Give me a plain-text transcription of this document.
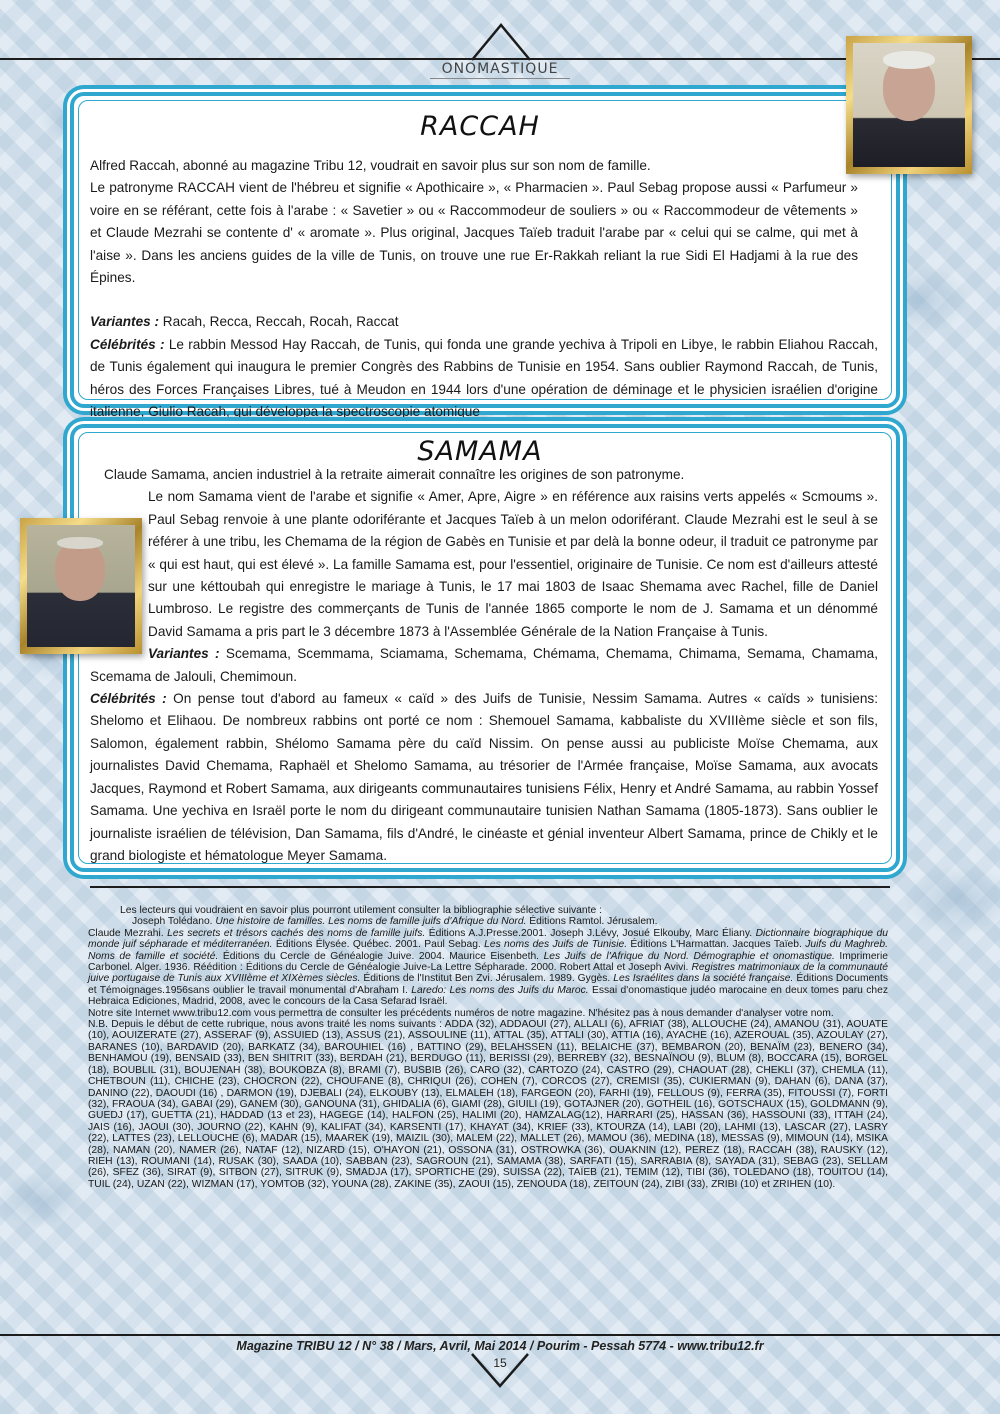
ONOMASTIQUE
RACCAH

Alfred Raccah, abonné au magazine Tribu 12, voudrait en savoir plus sur son nom de famille.

Le patronyme RACCAH vient de l'hébreu et signifie « Apothicaire », « Pharmacien ». Paul Sebag propose aussi « Parfumeur » voire en se référant, cette fois à l'arabe : « Savetier » ou « Raccommodeur de souliers » ou « Raccommodeur de vêtements » et Claude Mezrahi se contente d' « aromate ». Plus original, Jacques Taïeb traduit l'arabe par « celui qui se calme, qui met à l'aise ». Dans les anciens guides de la ville de Tunis, on trouve une rue Er-Rakkah reliant la rue Sidi El Hadjami à la rue des Épines.

Variantes : Racah, Recca, Reccah, Rocah, Raccat

Célébrités : Le rabbin Messod Hay Raccah, de Tunis, qui fonda une grande yechiva à Tripoli en Libye, le rabbin Eliahou Raccah, de Tunis également qui inaugura le premier Congrès des Rabbins de Tunisie en 1954. Sans oublier Raymond Raccah, de Tunis, héros des Forces Françaises Libres, tué à Meudon en 1944 lors d'une opération de déminage et le physicien israélien d'origine italienne, Giulio Racah, qui développa la spectroscopie atomique

SAMAMA

Claude Samama, ancien industriel à la retraite aimerait connaître les origines de son patronyme.

Le nom Samama vient de l'arabe et signifie « Amer, Apre, Aigre » en référence aux raisins verts appelés « Scmoums ». Paul Sebag renvoie à une plante odoriférante et Jacques Taïeb à un melon odoriférant. Claude Mezrahi est le seul à se référer à une tribu, les Chemama de la région de Gabès en Tunisie et par delà la bonne odeur, il traduit ce patronyme par « qui est haut, qui est élevé ». La famille Samama est, pour l'essentiel, originaire de Tunisie. Ce nom est d'ailleurs attesté sur une kéttoubah qui enregistre le mariage à Tunis, le 17 mai 1803 de Isaac Shemama avec Rachel, fille de Daniel Lumbroso. Le registre des commerçants de Tunis de l'année 1865 comporte le nom de J. Samama et un dénommé David Samama a pris part le 3 décembre 1873 à l'Assemblée Générale de la Nation Française à Tunis.

Variantes : Scemama, Scemmama, Sciamama, Schemama, Chémama, Chemama, Chimama, Semama, Chamama, Scemama de Jalouli, Chemimoun.

Célébrités : On pense tout d'abord au fameux « caïd » des Juifs de Tunisie, Nessim Samama. Autres « caïds » tunisiens: Shelomo et Elihaou. De nombreux rabbins ont porté ce nom : Shemouel Samama, kabbaliste du XVIIIème siècle et son fils, Salomon, également rabbin, Shélomo Samama père du caïd Nissim. On pense aussi au publiciste Moïse Chemama, aux journalistes David Chemama, Raphaël et Shelomo Samama, au trésorier de l'Armée française, Moïse Samama, aux avocats Jacques, Raymond et Robert Samama, aux dirigeants communautaires tunisiens Félix, Henry et André Samama, au rabbin Yossef Samama. Une yechiva en Israël porte le nom du dirigeant communautaire tunisien Nathan Samama (1805-1873). Sans oublier le journaliste israélien de télévision, Dan Samama, fils d'André, le cinéaste et génial inventeur Albert Samama, prince de Chikly et le grand biologiste et hématologue Meyer Samama.

Les lecteurs qui voudraient en savoir plus pourront utilement consulter la bibliographie sélective suivante :

Joseph Tolédano. Une histoire de familles. Les noms de famille juifs d'Afrique du Nord. Éditions Ramtol. Jérusalem.

Claude Mezrahi. Les secrets et trésors cachés des noms de famille juifs. Éditions A.J.Presse.2001. Joseph J.Lévy, Josué Elkouby, Marc Éliany. Dictionnaire biographique du monde juif sépharade et méditerranéen. Éditions Élysée. Québec. 2001. Paul Sebag. Les noms des Juifs de Tunisie. Éditions L'Harmattan. Jacques Taïeb. Juifs du Maghreb. Noms de famille et société. Éditions du Cercle de Généalogie Juive. 2004. Maurice Eisenbeth. Les Juifs de l'Afrique du Nord. Démographie et onomastique. Imprimerie Carbonel. Alger. 1936. Réédition : Éditions du Cercle de Généalogie Juive-La Lettre Sépharade. 2000. Robert Attal et Joseph Avivi. Registres matrimoniaux de la communauté juive portugaise de Tunis aux XVIIIème et XIXèmes siècles. Éditions de l'Institut Ben Zvi. Jérusalem. 1989. Gygès. Les Israélites dans la société française. Éditions Documents et Témoignages.1956sans oublier le travail monumental d'Abraham I. Laredo: Les noms des Juifs du Maroc. Essai d'onomastique judéo marocaine en deux tomes paru chez Hebraica Ediciones, Madrid, 2008, avec le concours de la Casa Sefarad Israël.

Notre site Internet www.tribu12.com vous permettra de consulter les précédents numéros de notre magazine. N'hésitez pas à nous demander d'analyser votre nom.

N.B. Depuis le début de cette rubrique, nous avons traité les noms suivants : ADDA (32), ADDAOUI (27), ALLALI (6), AFRIAT (38), ALLOUCHE (24), AMANOU (31), AOUATE (10), AOUIZERATE (27), ASSERAF (9), ASSUIED (13), ASSUS (21), ASSOULINE (11), ATTAL (35), ATTALI (30), ATTIA (16), AYACHE (16), AZEROUAL (35), AZOULAY (27), BARANES (10), BARDAVID (20), BARKATZ (34), BAROUHIEL (16) , BATTINO (29), BELAHSSEN (11), BELAICHE (37), BEMBARON (20), BENAÏM (23), BENERO (34), BENHAMOU (19), BENSAID (33), BEN SHITRIT (33), BERDAH (21), BERDUGO (11), BERISSI (29), BERREBY (32), BESNAÏNOU (9), BLUM (8), BOCCARA (15), BORGEL (18), BOUBLIL (31), BOUJENAH (38), BOUKOBZA (8), BRAMI (7), BUSBIB (26), CARO (32), CARTOZO (24), CASTRO (29), CHAOUAT (28), CHEKLI (37), CHEMLA (11), CHETBOUN (11), CHICHE (23), CHOCRON (22), CHOUFANE (8), CHRIQUI (26), COHEN (7), CORCOS (27), CREMISI (35), CUKIERMAN (9), DAHAN (6), DANA (37), DANINO (22), DAOUDI (16) , DARMON (19), DJEBALI (24), ELKOUBY (13), ELMALEH (18), FARGEON (20), FARHI (19), FELLOUS (9), FERRA (35), FITOUSSI (7), FORTI (32), FRAOUA (34), GABAI (29), GANEM (30), GANOUNA (31), GHIDALIA (6), GIAMI (28), GIUILI (19), GOTAJNER (20), GOTHEIL (16), GOTSCHAUX (15), GOLDMANN (9), GUEDJ (17), GUETTA (21), HADDAD (13 et 23), HAGEGE (14), HALFON (25), HALIMI (20), HAMZALAG(12), HARRARI (25), HASSAN (36), HASSOUNI (33), ITTAH (24), JAIS (16), JAOUI (30), JOURNO (22), KAHN (9), KALIFAT (34), KARSENTI (17), KHAYAT (34), KRIEF (33), KTOURZA (14), LABI (20), LAHMI (13), LASCAR (27), LASRY (22), LATTES (23), LELLOUCHE (6), MADAR (15), MAAREK (19), MAIZIL (30), MALEM (22), MALLET (26), MAMOU (36), MEDINA (18), MESSAS (9), MIMOUN (14), MSIKA (28), NAMAN (20), NAMER (26), NATAF (12), NIZARD (15), O'HAYON (21), OSSONA (31), OSTROWKA (36), OUAKNIN (12), PEREZ (18), RACCAH (38), RAUSKY (12), RIEH (13), ROUMANI (14), RUSAK (30), SAADA (10), SABBAN (23), SAGROUN (21), SAMAMA (38), SARFATI (15), SARRABIA (8), SAYADA (31), SEBAG (23), SELLAM (26), SFEZ (36), SIRAT (9), SITBON (27), SITRUK (9), SMADJA (17), SPORTICHE (29), SUISSA (22), TAÏEB (21), TEMIM (12), TIBI (36), TOLEDANO (18), TOUITOU (14), TUIL (24), UZAN (22), WIZMAN (17), YOMTOB (32), YOUNA (28), ZAKINE (35), ZAOUI (15), ZENOUDA (18), ZEITOUN (24), ZIBI (33), ZRIBI (10) et ZRIHEN (10).

Magazine TRIBU 12 / N° 38 / Mars, Avril, Mai 2014 / Pourim - Pessah 5774 - www.tribu12.fr
15
